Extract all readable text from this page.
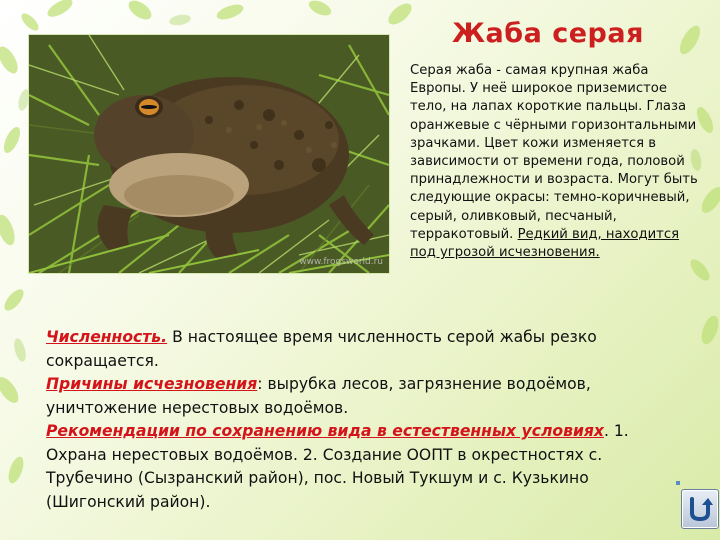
www.frogsworld.ru
Жаба серая
Серая жаба - самая крупная жаба Европы. У неё широкое приземистое тело, на лапах короткие пальцы. Глаза оранжевые с чёрными горизонтальными зрачками. Цвет кожи изменяется в зависимости от времени года, половой принадлежности и возраста. Могут быть следующие окрасы: темно-коричневый, серый, оливковый, песчаный, терракотовый. Редкий вид, находится под угрозой исчезновения.

Численность. В настоящее время численность серой жабы резко сокращается.

Причины исчезновения: вырубка лесов, загрязнение водоёмов, уничтожение нерестовых водоёмов.

Рекомендации по сохранению вида в естественных условиях. 1. Охрана нерестовых водоёмов. 2. Создание ООПТ в окрестностях с. Трубечино (Сызранский район), пос. Новый Тукшум и с. Кузькино (Шигонский район).
